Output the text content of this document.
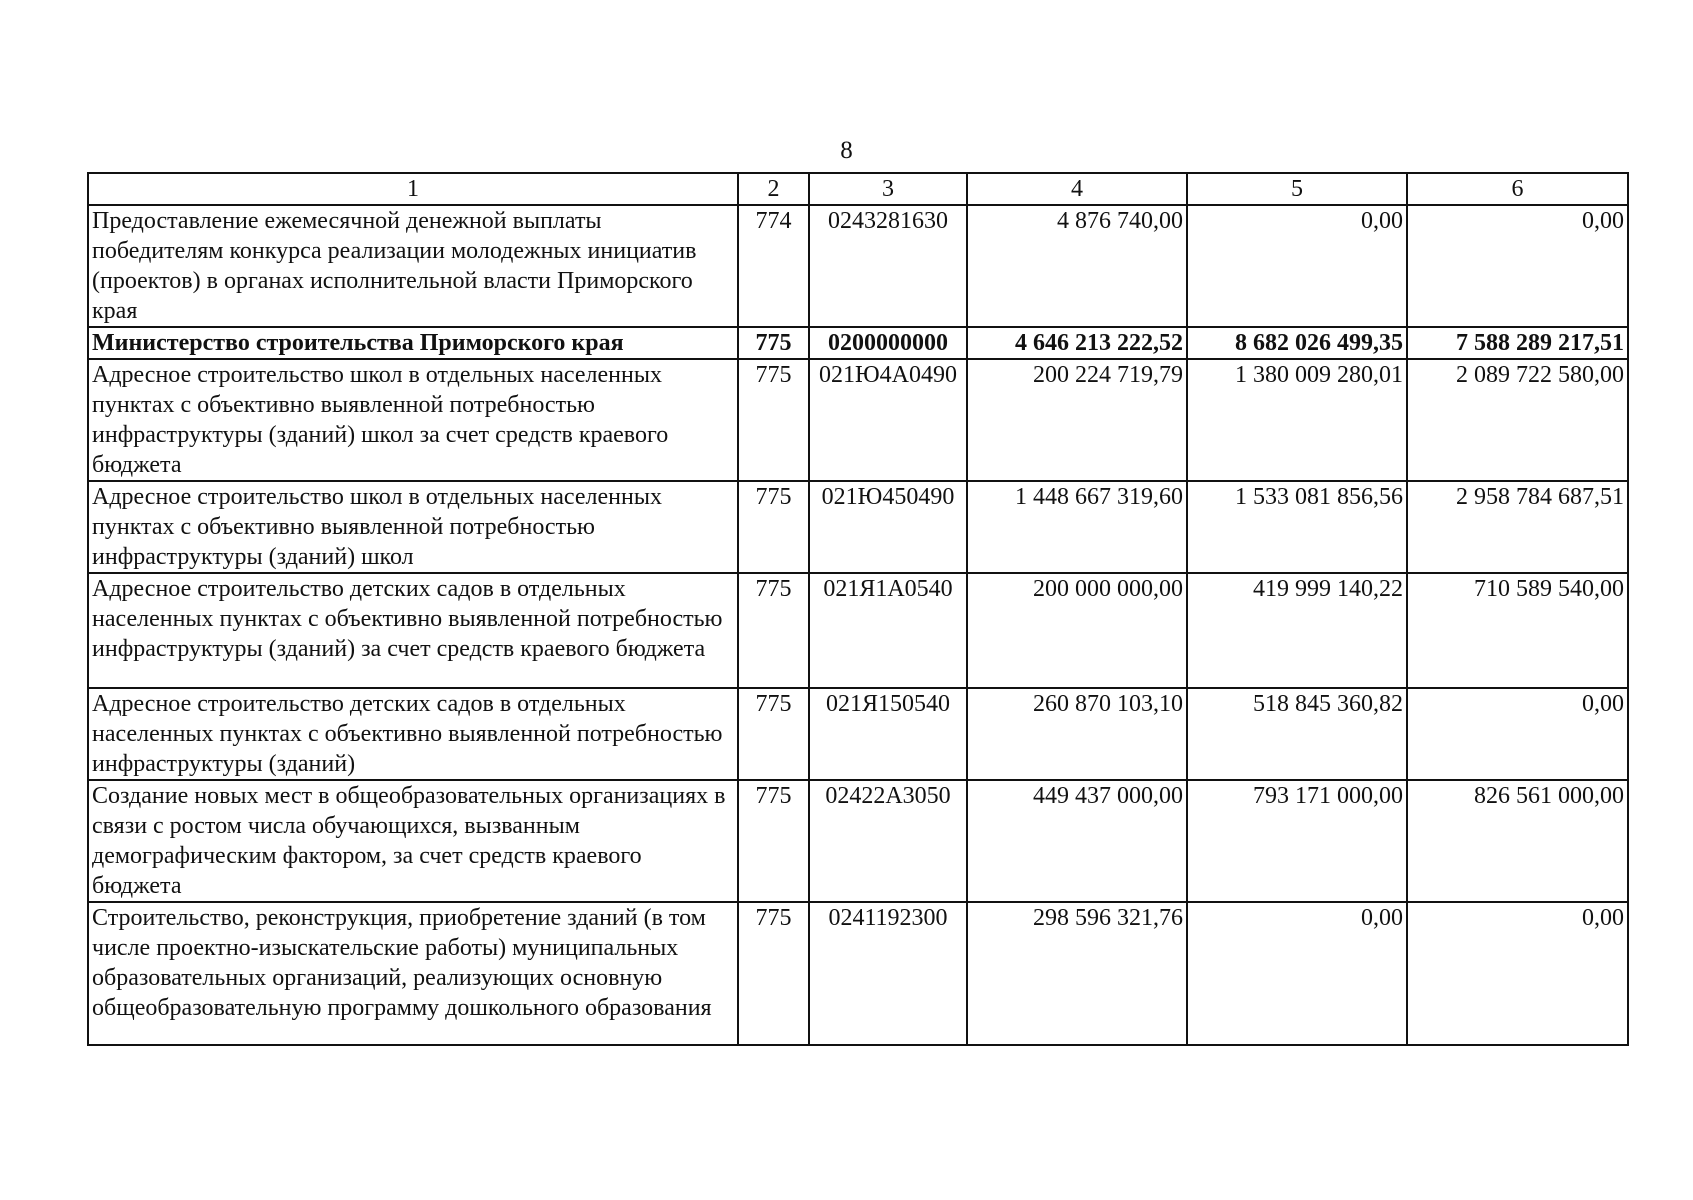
8
1	2	3	4	5	6
Предоставление ежемесячной денежной выплаты победителям конкурса реализации молодежных инициатив (проектов) в органах исполнительной власти Приморского края	774	0243281630	4 876 740,00	0,00	0,00
Министерство строительства Приморского края	775	0200000000	4 646 213 222,52	8 682 026 499,35	7 588 289 217,51
Адресное строительство школ в отдельных населенных пунктах с объективно выявленной потребностью инфраструктуры (зданий) школ за счет средств краевого бюджета	775	021Ю4А0490	200 224 719,79	1 380 009 280,01	2 089 722 580,00
Адресное строительство школ в отдельных населенных пунктах с объективно выявленной потребностью инфраструктуры (зданий) школ	775	021Ю450490	1 448 667 319,60	1 533 081 856,56	2 958 784 687,51
Адресное строительство детских садов в отдельных населенных пунктах с объективно выявленной потребностью инфраструктуры (зданий) за счет средств краевого бюджета	775	021Я1А0540	200 000 000,00	419 999 140,22	710 589 540,00
Адресное строительство детских садов в отдельных населенных пунктах с объективно выявленной потребностью инфраструктуры (зданий)	775	021Я150540	260 870 103,10	518 845 360,82	0,00
Создание новых мест в общеобразовательных организациях в связи с ростом числа обучающихся, вызванным демографическим фактором, за счет средств краевого бюджета	775	02422А3050	449 437 000,00	793 171 000,00	826 561 000,00
Строительство, реконструкция, приобретение зданий (в том числе проектно-изыскательские работы) муниципальных образовательных организаций, реализующих основную общеобразовательную программу дошкольного образования	775	0241192300	298 596 321,76	0,00	0,00
